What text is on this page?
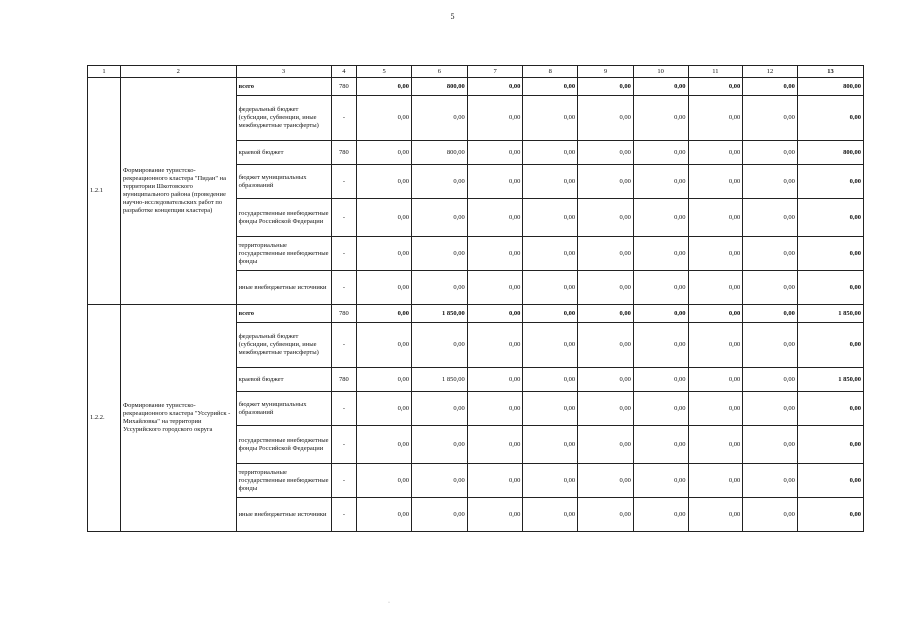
5
1	2	3	4	5	6	7	8	9	10	11	12	13
1.2.1	Формирование туристско-рекреационного кластера "Пидан" на территории Шкотовского муниципального района (проведение научно-исследовательских работ по разработке концепции кластера)	всего	780	0,00	800,00	0,00	0,00	0,00	0,00	0,00	0,00	800,00
		федеральный бюджет (субсидии, субвенции, иные межбюджетные трансферты)	-	0,00	0,00	0,00	0,00	0,00	0,00	0,00	0,00	0,00
		краевой бюджет	780	0,00	800,00	0,00	0,00	0,00	0,00	0,00	0,00	800,00
		бюджет муниципальных образований	-	0,00	0,00	0,00	0,00	0,00	0,00	0,00	0,00	0,00
		государственные внебюджетные фонды Российской Федерации	-	0,00	0,00	0,00	0,00	0,00	0,00	0,00	0,00	0,00
		территориальные государственные внебюджетные фонды	-	0,00	0,00	0,00	0,00	0,00	0,00	0,00	0,00	0,00
		иные внебюджетные источники	-	0,00	0,00	0,00	0,00	0,00	0,00	0,00	0,00	0,00
1.2.2.	Формирование туристско-рекреационного кластера "Уссурийск - Михайловка" на территории Уссурийского городского округа	всего	780	0,00	1 850,00	0,00	0,00	0,00	0,00	0,00	0,00	1 850,00
		федеральный бюджет (субсидии, субвенции, иные межбюджетные трансферты)	-	0,00	0,00	0,00	0,00	0,00	0,00	0,00	0,00	0,00
		краевой бюджет	780	0,00	1 850,00	0,00	0,00	0,00	0,00	0,00	0,00	1 850,00
		бюджет муниципальных образований	-	0,00	0,00	0,00	0,00	0,00	0,00	0,00	0,00	0,00
		государственные внебюджетные фонды Российской Федерации	-	0,00	0,00	0,00	0,00	0,00	0,00	0,00	0,00	0,00
		территориальные государственные внебюджетные фонды	-	0,00	0,00	0,00	0,00	0,00	0,00	0,00	0,00	0,00
		иные внебюджетные источники	-	0,00	0,00	0,00	0,00	0,00	0,00	0,00	0,00	0,00
·
